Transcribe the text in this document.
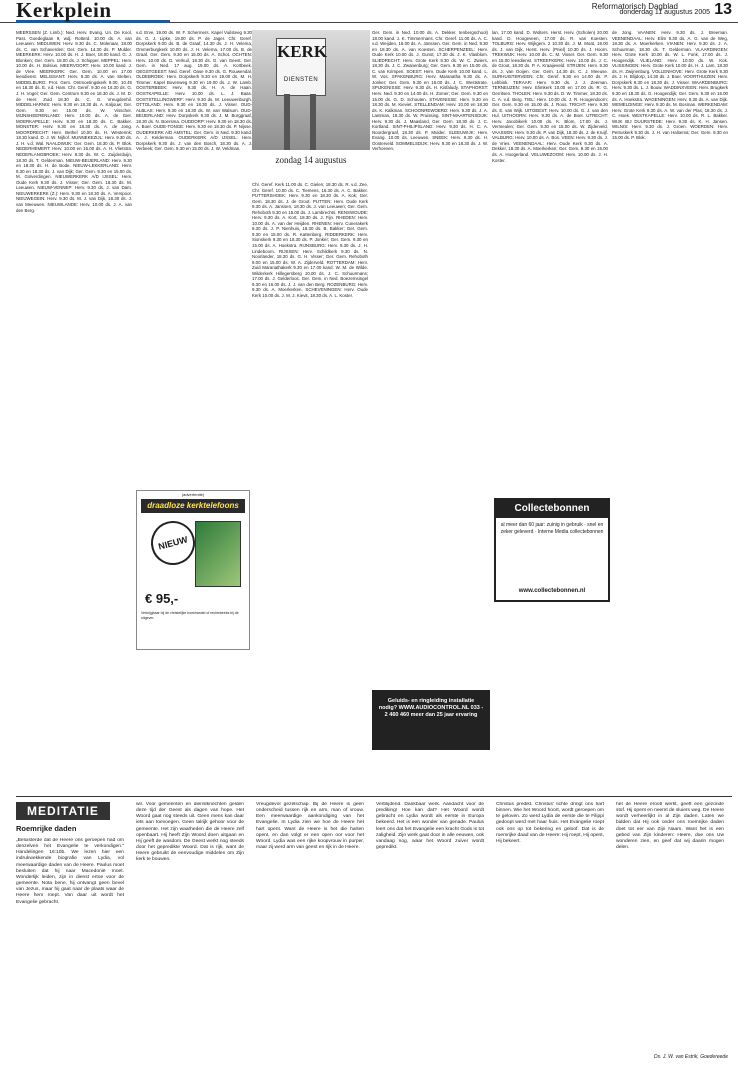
Kerkplein	Reformatorisch Dagblad
donderdag 11 augustus 2005 13

MEERSSEN (Z. Limb.): Ned. Herv. Evang. Un. De Kool, Past. Goedeglaan 9, wdj. Rotterd. 10.00 ds. A. van Leeuwen. MEDUWEN: Herv. 9.30 ds. C. Molenaar, 18.00 ds. C. van Schaverden; Ger. Gem. 14.30 ds. P. Mulder. MEERKERK: Herv. 10.00 ds. H. J. Boer, 18.00 kand. G. J. Blonken; Ger. Gem. 18.00 ds. J. Schipper. MEPPEL: Herv. 10.00 ds. H. Bolsius. MEERVOORT: Herv. 10.00 kand. J. de Vree. MEERKERK: Ger. Gem. 10.00 en 17.00 leesdienst. MELISSANT: Herv. 9.30 ds. A. van Stelten. MIDDELBURG: Prot. Gem. Ontmoetingskerk 9.00, 10.45 en 18.30 ds. E. v.d. Ham. Chr. Geref. 9.30 en 16.30 ds. G. J. H. Vogel; Ger. Gem. Centrum 9.30 en 18.30 ds. J. M. D. de Heer. Zuid 18.30 ds. C. G. Vreugdenhil. MIDDELHARNIS: Herv. 9.30 en 18.30 ds. A. Kaljouw; Ger. Gem. 9.30 en 15.00 ds. W. Visscher. MIJNSHEERENLAND: Herv. 10.00 ds. A. de Gier. MOERKAPELLE: Herv. 9.30 en 18.30 ds. C. Bakker. MONSTER: Herv. 9.30 en 18.30 ds. A. de Jong. MOORDRECHT: Herv. Bethel 10.00 ds. H. Westerink; 18.30 kand. D. J. W. Nijhof. MUNNEKEZIJL: Herv. 9.30 ds. J. H. v.d. Wal. NAALDWIJK: Ger. Gem. 18.30 ds. P. Blok. NEDERHEMERT: Herv. 10.00 en 15.00 ds. A. H. Vlietstra. NEDERLANGBROEK: Herv. 9.30 ds. W. C. Zuijderduijn, 18.30 ds. T. Gelderman. NIEUW-BEIJERLAND: Herv. 9.30 en 18.30 ds. H. de Bode. NIEUW-LEKKERLAND: Herv. 9.30 en 18.30 ds. J. van Dijk; Ger. Gem. 9.30 en 15.00 ds. M. Golverdingen. NIEUWERKERK A/D IJSSEL: Herv. Oude Kerk 9.30 ds. J. Visser; Ger. Gem. 18.30 ds. M. Leeuwen. NIEUW-VENNEP: Herv. 9.30 ds. J. van Dam. NIEUWERKERK (Z.): Herv. 9.30 en 18.30 ds. A. Verspoor. NIEUWEGEIN: Herv. 9.30 ds. M. J. van Dijk, 18.30 ds. J. van Meeuwen. NIEUWLANDE: Herv. 10.00 ds. J. A. van den Berg.

v.d. Erve, 19.00 ds. W. F. Schermers. Kapel Vuilsteeg 9.30 ds. G. J. Lipke, 19.00 ds. P. de Jager. Chr. Geref. Dorpskerk 9.00 ds. B. de Graaf, 14.30 ds. J. H. Velema, Ommerburgkerk 10.00 ds. J. H. Velema, 17.00 ds. B. de Graaf. Ger. Gem. 9.30 en 15.00 ds. A. Schot. OCHTEN: Herv. 10.00 ds. D. Verkuil, 18.30 ds. G. van Geest. Ger. Gem. in Ned. 17 aug. 19.00 ds. A. Kortbeek. OEGSTGEEST: Ned. Geref. Oase 9.30 ds. G. Rouwendal. OLDEBROEK: Herv. Dorpskerk 9.30 en 19.00 ds. M. H. Timmer. Kapel Bovenweg 9.30 en 19.00 ds. J. W. Lamb. OOSTERBEEK: Herv. 9.30 ds. H. A. de Haan. OOSTKAPELLE: Herv. 10.00 ds. L. J. Baas. OOSTSTELLINGWERF: Herv. 9.30 ds. M. Leeuwenburgh. OTTOLAND: Herv. 9.30 en 18.30 ds. J. Visser. OUD-ALBLAS: Herv. 9.30 en 18.30 ds. W. van Walsum. OUD-BEIJERLAND: Herv. Dorpskerk 9.30 ds. J. M. Burggraaf, 18.30 ds. N. Boersma. OUDDORP: Herv. 9.30 en 18.30 ds. A. Boer. OUDE-TONGE: Herv. 9.30 en 18.30 ds. P. Nijsse. OUDERKERK A/D AMSTEL: Ger. Gem. in Ned. 9.30 kand. A. J. Kelderman. OUDERKERK A/D IJSSEL: Herv. Dorpskerk 9.30 ds. J. van den Bosch, 18.30 ds. A. J. Verbeek; Ger. Gem. 9.30 en 15.00 ds. J. W. Veldman.

KERK
DIENSTEN
zondag 14 augustus

Chr. Geref. Kerk 11.00 ds. C. Gielen; 18.30 ds. R. v.d. Zee. Chr. Geref. 10.00 ds. C. Tiemens, 16.30 ds. A. C. Bakker. PUTTERSHOEK: Herv. 9.30 en 18.30 ds. A. Kok; Ger. Gem. 18.30 ds. J. de Groot. PUTTEN: Herv. Oude Kerk 9.30 ds. A. Janssen, 18.30 ds. J. van Leeuwen; Ger. Gem. Rehoboth 9.30 en 15.00 ds. J. Lambrechts. RENSWOUDE: Herv. 9.30 ds. A. Kort, 18.30 ds. J. Fijn. RHEDEN: Herv. 10.00 ds. A. van der Heijden. RHENEN: Herv. Cunerakerk 9.30 ds. J. P. Nienhuis, 18.30 ds. B. Bakker; Ger. Gem. 9.30 en 15.00 ds. R. Kattenberg. RIDDERKERK: Herv. Sionskerk 9.30 en 18.30 ds. P. Jonker; Ger. Gem. 9.30 en 15.00 ds. A. Hoekstra. RIJNSBURG: Herv. 9.30 ds. J. H. Lindeboom. RIJSSEN: Herv. Schildkerk 9.30 ds. N. Noorlander, 18.30 ds. G. H. Visser; Ger. Gem. Rehoboth 9.00 en 15.00 ds. W. A. Zijderveld. ROTTERDAM: Herv. Zuid Maranathakerk 9.30 en 17.00 kand. W. M. de Wilde. Wilderkerk Hillegersberg 10.00 ds. J. C. Schuurmans; 17.00 ds. J. Gelderloos. Ger. Gem. in Ned. Boezemsingel 9.30 en 16.00 ds. J. J. van den Berg. ROZENBURG: Herv. 9.30 ds. A. Moerkerken. SCHEVENINGEN: Herv. Oude Kerk 10.00 ds. J. M. J. Kievit, 18.30 ds. A. L. Koster.

Ger. Gem. in Ned. 10.00 ds. A. Dekker. tenbergschool) 18.00 kand. J. K. Timmermans. Chr. Geref. 11.00 ds. A. C. v.d. Weijden, 16.00 ds. A. Janssen. Ger. Gem. in Ned. 9.30 en 18.30 ds. A. van Koesten. SCHERPENZEEL: Herv. Oude Kerk 10.00 ds. J. Gunst, 17.30 ds. J. K. Vlasblom. SLIEDRECHT: Herv. Grote Kerk 9.30 ds. W. C. Zwiers, 18.30 ds. J. C. Zwanenburg; Ger. Gem. 9.30 en 15.00 ds. C. van Krimpen. SOEST: Herv. Oude Kerk 10.00 kand. L. W. Vos. SPAKENBURG: Herv. Maranatha 9.30 ds. A. Jonker; Ger. Gem. 9.30 en 15.00 ds. J. C. Weststrate. SPIJKENISSE: Herv. 9.30 ds. H. Kisfaludy. STAPHORST: Herv. Ned. 9.30 en 14.00 ds. H. Zomer; Ger. Gem. 9.30 en 15.00 ds. G. D. Schouten. STAVENISSE: Herv. 9.30 en 18.30 ds. M. Kieviet. STELLENDAM: Herv. 10.00 en 18.30 ds. K. Kalkman. SCHOONREWOERD: Herv. 9.30 ds. J. A. Lantman, 18.30 ds. W. Pruissing. SINT-MAARTENSDIJK: Herv. 9.30 ds. J. Maasland, Ger. Gem. 18.30 ds. J. C. Kortland. SINT-PHILIPSLAND: Herv. 9.30 ds. H. C. A. Noordergraaf, 18.30 ds. P. Mulder. SLEEUWIJK: Herv. Evang. 10.00 ds. Leeuwen. SNEEK: Herv. 9.30 ds. H. Oosterveld. SOMMELSDIJK: Herv. 9.30 en 18.30 ds. J. W. Verhoeven.

lan, 17.00 kand. D. Wolters. Herst. Herv. (Scholen) 20.00 kand. D. Hoogeveen, 17.00 ds. R. van Koesten. TOLBURG: Herv. Wijkgem. 2 10.30 ds. J. M. Moat, 19.00 ds. J. van Dijk, Herst. Herv. (Pniel) 10.30 ds. J. Hoorn. TREKWIJK: Herv. 10.00 ds. C. M. Visser. Ger. Gem. 9.30 en 15.00 leesdienst. STREEFKERK: Herv. 10.00 ds. J. C. de Groot, 18.30 ds. P. A. Kraaijeveld. STRIJEN: Herv. 9.30 ds. J. van Ooijen. Ger. Gem. 14.30 ds. C. J. Meeuse. SURHUISTERVEEN: Chr. Geref. 9.30 en 14.00 ds. P. Lebbink. TERAAR: Herv. 9.30 ds. J. J. Zeeman. TERNEUZEN: Herv. Elimkerk 10.00 en 17.00 ds. R. G. Gerritsen. THOLEN: Herv. 9.30 ds. D. W. Timmer, 18.30 ds. C. A. v.d. Berg. TIEL: Herv. 10.00 ds. J. R. Hoogendoorn; Ger. Gem. 9.30 en 15.00 ds. J. Roos. TRICHT: Herv. 9.30 ds. E. van Wijk. UITGEEST: Herv. 10.00 ds. G. J. van den Hul. UITHOORN: Herv. 9.30 ds. A. de Boer. UTRECHT: Herv. Jacobikerk 10.00 ds. K. Blom, 17.00 ds. J. Vermeulen; Ger. Gem. 9.30 en 15.00 ds. W. Zijderveld. VAASSEN: Herv. 9.30 ds. P. van Dijk, 18.30 ds. J. de Kruijf. VALBURG: Herv. 10.00 ds. A. Bos. VEEN: Herv. 9.30 ds. J. de Vries. VEENENDAAL: Herv. Oude Kerk 9.30 ds. A. Dekker, 18.30 ds. A. Moerkerken; Ger. Gem. 9.30 en 15.00 ds. A. Hoogerland. VELUWEZOOM: Herv. 10.00 ds. J. H. Koster.

de Jong. VAANEN: Herv. 9.30 ds. J. Breeman. VEENENDAAL: Herv. Elim 9.30 ds. A. G. van de Weg, 18.30 ds. A. Moerkerken. VIANEN: Herv. 9.30 ds. J. A. Schuurman, 18.30 ds. T. Gelderman. VLAARDINGEN: Herv. Grote Kerk 10.00 ds. W. L. Fonk, 17.00 ds. J. Hoogendijk. VLIELAND: Herv. 10.00 ds. W. Kok. VLISSINGEN: Herv. Grote Kerk 10.00 ds. H. J. Lam, 18.30 ds. H. Zwijnenburg. VOLLENHOVE: Herv. Grote Kerk 9.30 ds. J. H. Blijdorp, 14.30 ds. J. Boer. VOORTHUIZEN: Herv. Dorpskerk 9.30 en 18.30 ds. J. Visser. WAARDENBURG: Herv. 9.30 ds. L. J. Bouw. WADDINXVEEN: Herv. Brugkerk 9.30 en 18.30 ds. G. Hoogendijk; Ger. Gem. 9.30 en 15.00 ds. A. Hoekstra. WAGENINGEN: Herv. 9.30 ds. A. van Dijk. WEMELDINGE: Herv. 9.30 ds. M. Bosman. WERKENDAM: Herv. Grote Kerk 9.30 ds. A. W. van der Plas, 18.30 ds. J. C. Hoek. WESTKAPELLE: Herv. 10.00 ds. R. L. Bakker. WIJK BIJ DUURSTEDE: Herv. 9.30 ds. K. H. Jansen. WILNIS: Herv. 9.30 ds. J. Groen. WOERDEN: Herv. Petruskerk 9.30 ds. J. H. van Halsema; Ger. Gem. 9.30 en 15.00 ds. P. Blok.

(advertentie)
draadloze kerktelefoons
NIEUW
€ 95,-
Verkrijgbaar bij de christelijke boekhandel of rechtstreeks bij de uitgever.
Collectebonnen
al meer dan 60 jaar: zuinig in gebruik · snel en zeker geleverd · Interne Media collectebonnen
www.collectebonnen.nl
Geluids- en ringleiding installatie nodig? WWW.AUDIOCONTROL.NL 033 - 2 460 460 meer dan 25 jaar ervaring
MEDITATIE
Roemrijke daden

„Beluisterde dat de Heere ons geroepen had om denzelven het Evangelie te verkondigen.” Handelingen 16:10b. We lezen hier een indrukwekkende biografie van Lydia, vol meerwaardige daden van de Heere. Paulus moet besluiten dat hij naar Macedonië moet. Wonderlijk leiden, zijn in dienst ertoe voor de gemeente. Nota bene, hij ontvangt geen bevel van Jezus, maar hij gaat naar de plaats waar de Heere hem roept. Van daar uit wordt het Evangelie gebracht.

wil. Voor gemeenten en dienstknechten gelden deze tijd der Geest als dagen van hope. Het Woord gaat nog steeds uit. Geen mens kan daar iets aan toevoegen. Geen talrijk gehoor voor de gemeente. Het zijn waarheden die de Heere zelf openbaart. Hij heeft Zijn Woord doen uitgaan en Hij geeft de wasdom. De Geest werkt nog steeds door het gepredikte Woord. Dat is rijk, want de Heere gebruikt de eenvoudige middelen om Zijn kerk te bouwen.

Vreugdevol gezelschap. Bij de Heere is geen onderscheid tussen rijk en arm, man of vrouw. Een meerwaardige aankondiging van het Evangelie. In Lydia zien we hoe de Heere het hart opent. Want de Heere is het die harten opent, en dan volgt er een open oor voor het Woord. Lydia was een rijke koopvrouw in purper, maar zij werd arm van geest en rijk in de Heere.

Verblijdend. Dankbaar werk. Aandacht voor de prediking! Hoe kan dat? Het Woord wordt gebracht en Lydia wordt als eerste in Europa bekeerd. Het is een wonder van genade. Paulus leert ons dat het Evangelie een kracht Gods is tot zaligheid. Zijn werk gaat door in alle eeuwen, ook vandaag nog, waar het Woord zuiver wordt gepredikt.

Christus predikt. Christus' lichte dringt ons hart binnen. Wie het Woord hoort, wordt geroepen om te geloven. Zo werd Lydia de eerste die te Filippi gedoopt werd met haar huis. Het Evangelie roept ook ons op tot bekering en geloof. Dat is de roemrijke daad van de Heere: Hij roept, Hij opent, Hij bekeert.

het de Heere erootl werkt, geeft een gezonde stof. Hij opent en neemt de sluiers weg. De Heere wordt verheerlijkt in al Zijn daden. Laten we bidden dat Hij ook onder ons roemrijke daden doet tot eer van Zijn Naam. Want het is een gebed van Zijn kinderen: Heere, doe ons Uw wonderen zien, en geef dat wij daarin mogen delen.

Ds. J. W. van Estrik, Goedereede
